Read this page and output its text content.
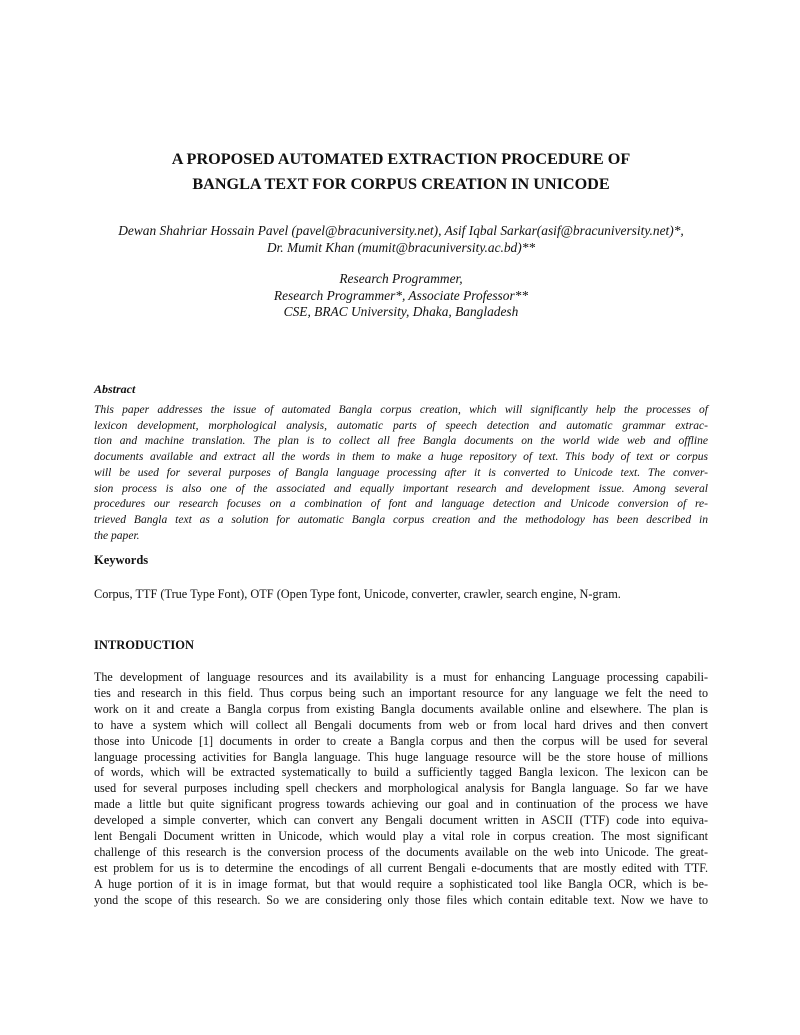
A PROPOSED AUTOMATED EXTRACTION PROCEDURE OF
BANGLA TEXT FOR CORPUS CREATION IN UNICODE

Dewan Shahriar Hossain Pavel (pavel@bracuniversity.net), Asif Iqbal Sarkar(asif@bracuniversity.net)*,
Dr. Mumit Khan (mumit@bracuniversity.ac.bd)**

Research Programmer,
Research Programmer*, Associate Professor**
CSE, BRAC University, Dhaka, Bangladesh

Abstract

This paper addresses the issue of automated Bangla corpus creation, which will significantly help the processes of
lexicon development, morphological analysis, automatic parts of speech detection and automatic grammar extrac-
tion and machine translation. The plan is to collect all free Bangla documents on the world wide web and offline
documents available and extract all the words in them to make a huge repository of text. This body of text or corpus
will be used for several purposes of Bangla language processing after it is converted to Unicode text. The conver-
sion process is also one of the associated and equally important research and development issue. Among several
procedures our research focuses on a combination of font and language detection and Unicode conversion of re-
trieved Bangla text as a solution for automatic Bangla corpus creation and the methodology has been described in
the paper.

Keywords

Corpus, TTF (True Type Font), OTF (Open Type font, Unicode, converter, crawler, search engine, N-gram.

INTRODUCTION

The development of language resources and its availability is a must for enhancing Language processing capabili-
ties and research in this field. Thus corpus being such an important resource for any language we felt the need to
work on it and create a Bangla corpus from existing Bangla documents available online and elsewhere. The plan is
to have a system which will collect all Bengali documents from web or from local hard drives and then convert
those into Unicode [1] documents in order to create a Bangla corpus and then the corpus will be used for several
language processing activities for Bangla language. This huge language resource will be the store house of millions
of words, which will be extracted systematically to build a sufficiently tagged Bangla lexicon. The lexicon can be
used for several purposes including spell checkers and morphological analysis for Bangla language. So far we have
made a little but quite significant progress towards achieving our goal and in continuation of the process we have
developed a simple converter, which can convert any Bengali document written in ASCII (TTF) code into equiva-
lent Bengali Document written in Unicode, which would play a vital role in corpus creation. The most significant
challenge of this research is the conversion process of the documents available on the web into Unicode. The great-
est problem for us is to determine the encodings of all current Bengali e-documents that are mostly edited with TTF.
A huge portion of it is in image format, but that would require a sophisticated tool like Bangla OCR, which is be-
yond the scope of this research. So we are considering only those files which contain editable text. Now we have to
